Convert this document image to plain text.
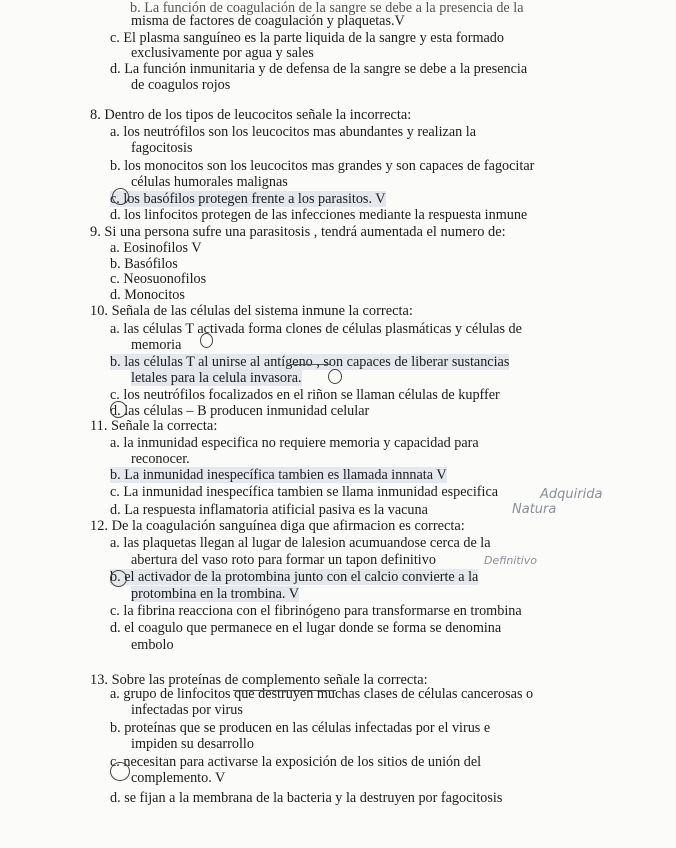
b. La función de coagulación de la sangre se debe a la presencia de la
misma de factores de coagulación y plaquetas.V
c. El plasma sanguíneo es la parte liquida de la sangre y esta formado
exclusivamente por agua y sales
d. La función inmunitaria y de defensa de la sangre se debe a la presencia
de coagulos rojos
8. Dentro de los tipos de leucocitos señale la incorrecta:
a. los neutrófilos son los leucocitos mas abundantes y realizan la
fagocitosis
b. los monocitos son los leucocitos mas grandes y son capaces de fagocitar
células humorales malignas
c. los basófilos protegen frente a los parasitos. V
d. los linfocitos protegen de las infecciones mediante la respuesta inmune
9. Si una persona sufre una parasitosis , tendrá aumentada el numero de:
a. Eosinofilos V
b. Basófilos
c. Neosuonofilos
d. Monocitos
10. Señala de las células del sistema inmune la correcta:
a. las células T activada forma clones de células plasmáticas y células de
memoria
b. las células T al unirse al antígeno , son capaces de liberar sustancias
letales para la celula invasora.
c. los neutrófilos focalizados en el riñon se llaman células de kupffer
d. las células – B producen inmunidad celular
11. Señale la correcta:
a. la inmunidad especifica no requiere memoria y capacidad para
reconocer.
b. La inmunidad inespecífica tambien es llamada innnata V
c. La inmunidad inespecífica tambien se llama inmunidad especifica
d. La respuesta inflamatoria atificial pasiva es la vacuna
12. De la coagulación sanguínea diga que afirmacion es correcta:
a. las plaquetas llegan al lugar de lalesion acumuandose cerca de la
abertura del vaso roto para formar un tapon definitivo
b. el activador de la protombina junto con el calcio convierte a la
protombina en la trombina. V
c. la fibrina reacciona con el fibrinógeno para transformarse en trombina
d. el coagulo que permanece en el lugar donde se forma se denomina
embolo
13. Sobre las proteínas de complemento señale la correcta:
a. grupo de linfocitos que destruyen muchas clases de células cancerosas o
infectadas por virus
b. proteínas que se producen en las células infectadas por el virus e
impiden su desarrollo
c. necesitan para activarse la exposición de los sitios de unión del
complemento. V
d. se fijan a la membrana de la bacteria y la destruyen por fagocitosis
Adquirida
Natura
Definitivo
